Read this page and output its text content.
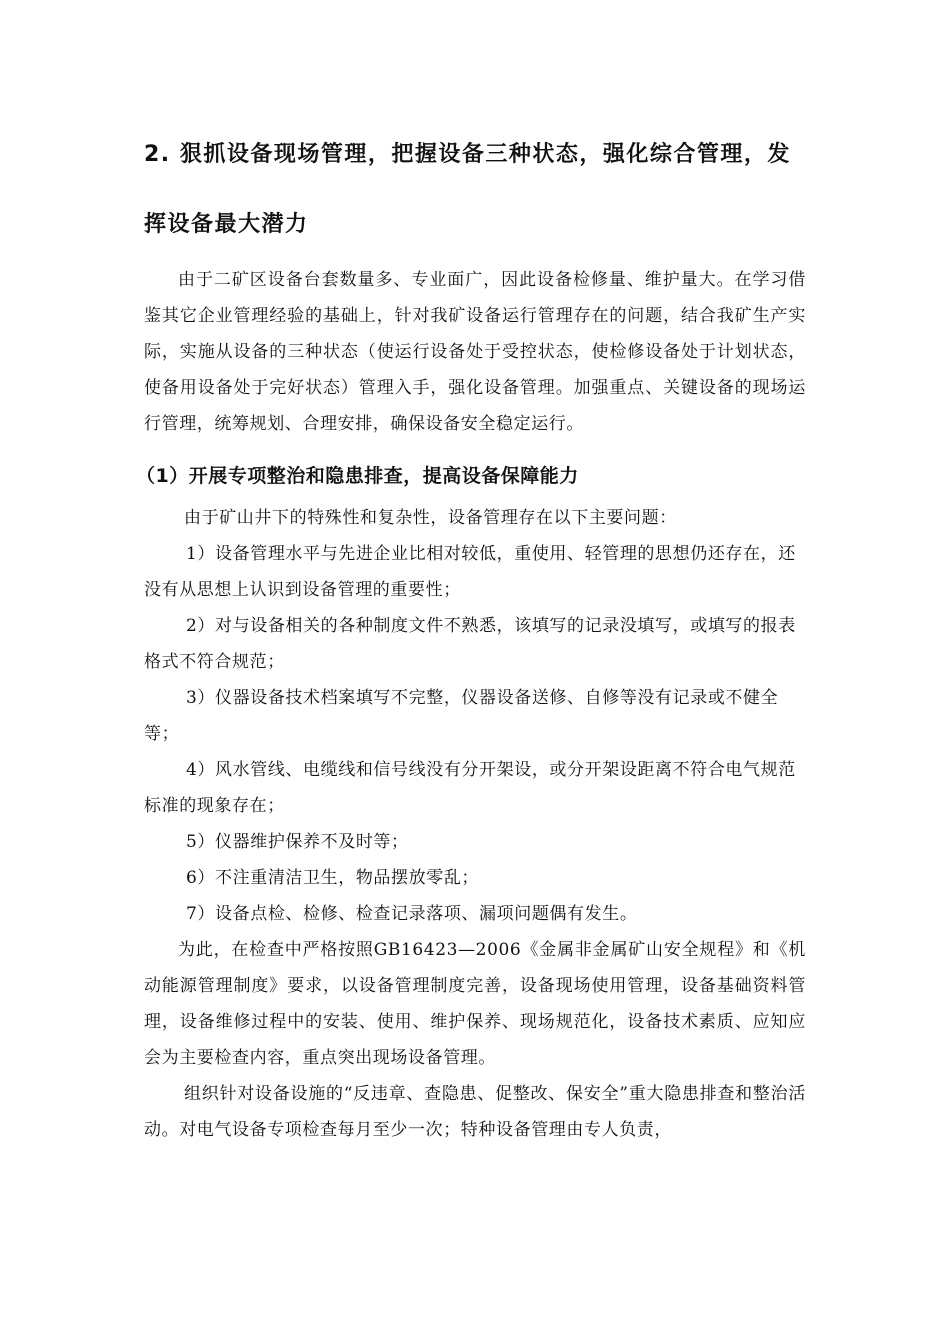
2. 狠抓设备现场管理，把握设备三种状态，强化综合管理，发
挥设备最大潜力

由于二矿区设备台套数量多、专业面广，因此设备检修量、维护量大。在学习借鉴其它企业管理经验的基础上，针对我矿设备运行管理存在的问题，结合我矿生产实际，实施从设备的三种状态（使运行设备处于受控状态，使检修设备处于计划状态，使备用设备处于完好状态）管理入手，强化设备管理。加强重点、关键设备的现场运行管理，统筹规划、合理安排，确保设备安全稳定运行。

（1）开展专项整治和隐患排查，提高设备保障能力

由于矿山井下的特殊性和复杂性，设备管理存在以下主要问题：

1）设备管理水平与先进企业比相对较低，重使用、轻管理的思想仍还存在，还没有从思想上认识到设备管理的重要性；
2）对与设备相关的各种制度文件不熟悉，该填写的记录没填写，或填写的报表格式不符合规范；
3）仪器设备技术档案填写不完整，仪器设备送修、自修等没有记录或不健全等；
4）风水管线、电缆线和信号线没有分开架设，或分开架设距离不符合电气规范标准的现象存在；
5）仪器维护保养不及时等；
6）不注重清洁卫生，物品摆放零乱；
7）设备点检、检修、检查记录落项、漏项问题偶有发生。

为此，在检查中严格按照GB16423—2006《金属非金属矿山安全规程》和《机动能源管理制度》要求，以设备管理制度完善，设备现场使用管理，设备基础资料管理，设备维修过程中的安装、使用、维护保养、现场规范化，设备技术素质、应知应会为主要检查内容，重点突出现场设备管理。

组织针对设备设施的“反违章、查隐患、促整改、保安全”重大隐患排查和整治活动。对电气设备专项检查每月至少一次；特种设备管理由专人负责，
